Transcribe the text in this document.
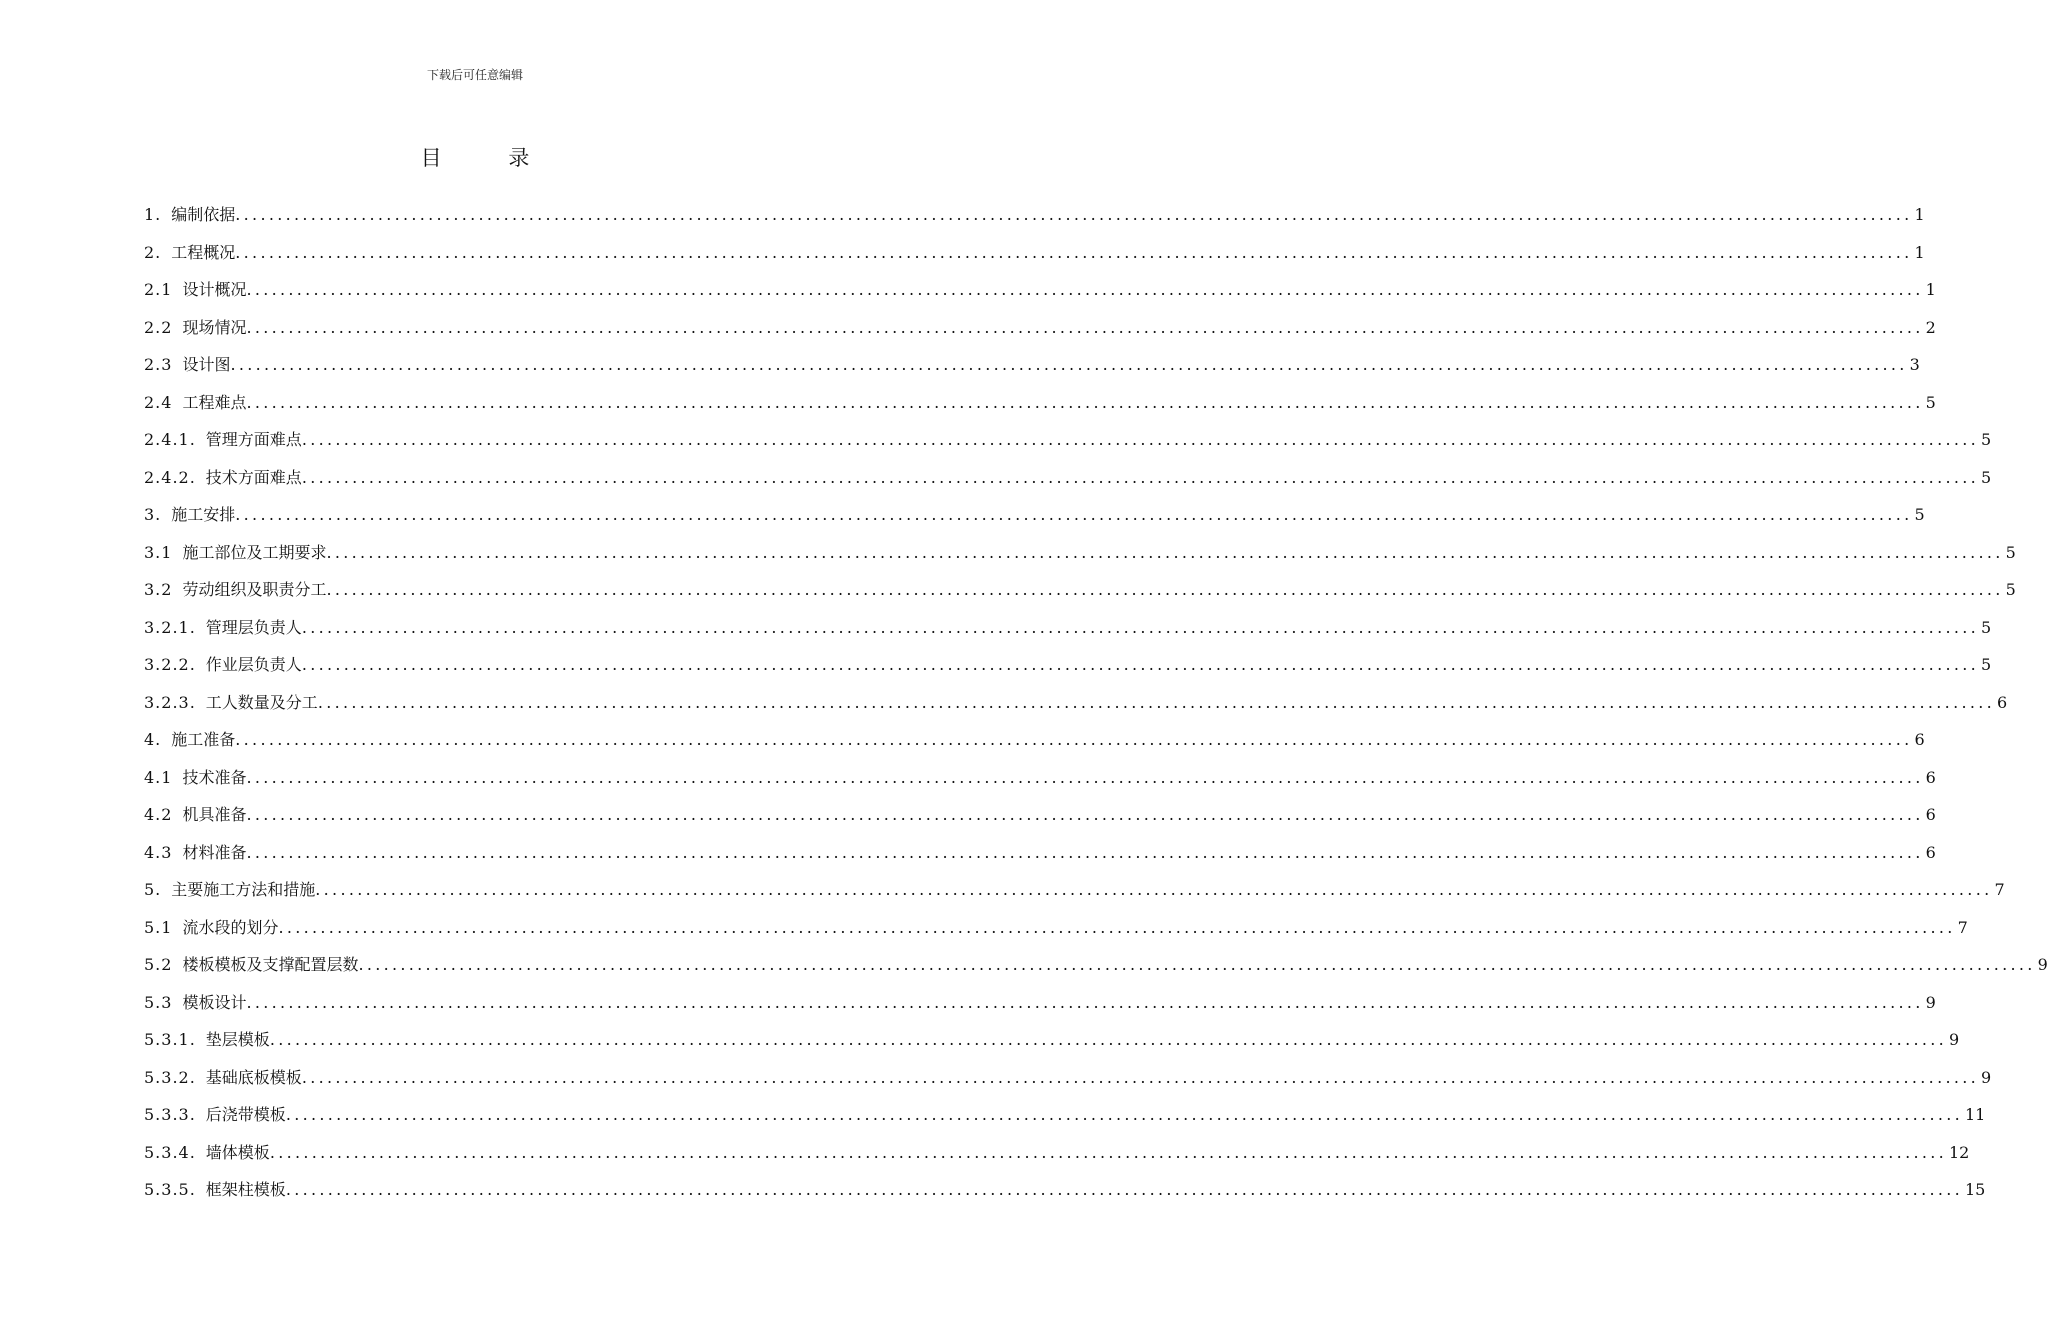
下载后可任意编辑
目 录
1. 编制依据 ........................................................................................................................................................................................................ 1
2. 工程概况 ........................................................................................................................................................................................................ 1
2.1 设计概况 ........................................................................................................................................................................................................ 1
2.2 现场情况 ........................................................................................................................................................................................................ 2
2.3 设计图 ........................................................................................................................................................................................................ 3
2.4 工程难点 ........................................................................................................................................................................................................ 5
2.4.1. 管理方面难点 ........................................................................................................................................................................................................ 5
2.4.2. 技术方面难点 ........................................................................................................................................................................................................ 5
3. 施工安排 ........................................................................................................................................................................................................ 5
3.1 施工部位及工期要求 ........................................................................................................................................................................................................ 5
3.2 劳动组织及职责分工 ........................................................................................................................................................................................................ 5
3.2.1. 管理层负责人 ........................................................................................................................................................................................................ 5
3.2.2. 作业层负责人 ........................................................................................................................................................................................................ 5
3.2.3. 工人数量及分工 ........................................................................................................................................................................................................ 6
4. 施工准备 ........................................................................................................................................................................................................ 6
4.1 技术准备 ........................................................................................................................................................................................................ 6
4.2 机具准备 ........................................................................................................................................................................................................ 6
4.3 材料准备 ........................................................................................................................................................................................................ 6
5. 主要施工方法和措施 ........................................................................................................................................................................................................ 7
5.1 流水段的划分 ........................................................................................................................................................................................................ 7
5.2 楼板模板及支撑配置层数 ........................................................................................................................................................................................................ 9
5.3 模板设计 ........................................................................................................................................................................................................ 9
5.3.1. 垫层模板 ........................................................................................................................................................................................................ 9
5.3.2. 基础底板模板 ........................................................................................................................................................................................................ 9
5.3.3. 后浇带模板 ........................................................................................................................................................................................................ 11
5.3.4. 墙体模板 ........................................................................................................................................................................................................ 12
5.3.5. 框架柱模板 ........................................................................................................................................................................................................ 15
